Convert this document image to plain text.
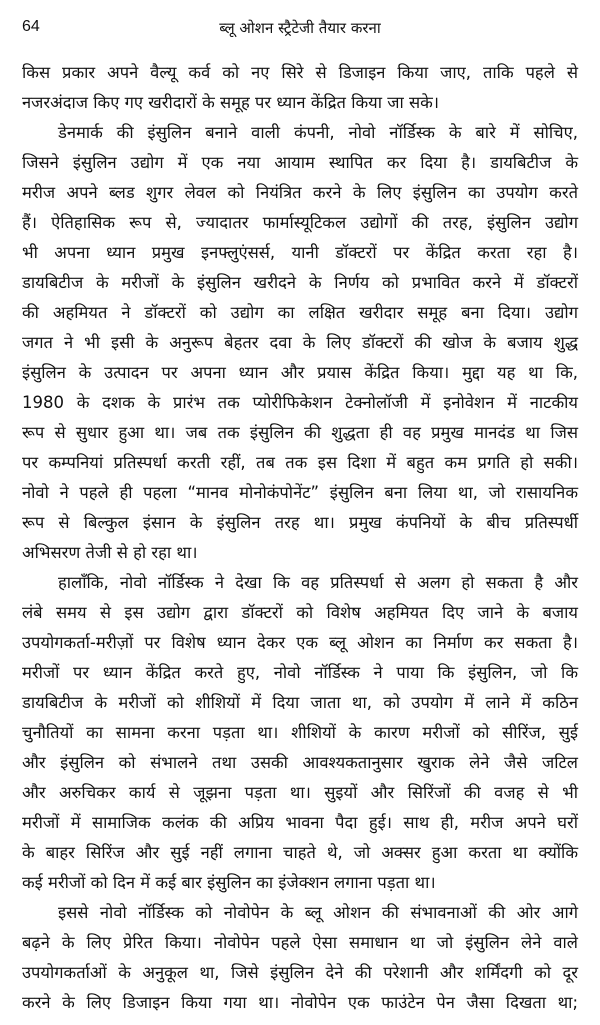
64	ब्लू ओशन स्ट्रैटेजी तैयार करना
किस प्रकार अपने वैल्यू कर्व को नए सिरे से डिजाइन किया जाए, ताकि पहले से
नजरअंदाज किए गए खरीदारों के समूह पर ध्यान केंद्रित किया जा सके।
डेनमार्क की इंसुलिन बनाने वाली कंपनी, नोवो नॉर्डिस्क के बारे में सोचिए,
जिसने इंसुलिन उद्योग में एक नया आयाम स्थापित कर दिया है। डायबिटीज के
मरीज अपने ब्लड शुगर लेवल को नियंत्रित करने के लिए इंसुलिन का उपयोग करते
हैं। ऐतिहासिक रूप से, ज्यादातर फार्मास्यूटिकल उद्योगों की तरह, इंसुलिन उद्योग
भी अपना ध्यान प्रमुख इनफ्लुएंसर्स, यानी डॉक्टरों पर केंद्रित करता रहा है।
डायबिटीज के मरीजों के इंसुलिन खरीदने के निर्णय को प्रभावित करने में डॉक्टरों
की अहमियत ने डॉक्टरों को उद्योग का लक्षित खरीदार समूह बना दिया। उद्योग
जगत ने भी इसी के अनुरूप बेहतर दवा के लिए डॉक्टरों की खोज के बजाय शुद्ध
इंसुलिन के उत्पादन पर अपना ध्यान और प्रयास केंद्रित किया। मुद्दा यह था कि,
1980 के दशक के प्रारंभ तक प्योरीफिकेशन टेक्नोलॉजी में इनोवेशन में नाटकीय
रूप से सुधार हुआ था। जब तक इंसुलिन की शुद्धता ही वह प्रमुख मानदंड था जिस
पर कम्पनियां प्रतिस्पर्धा करती रहीं, तब तक इस दिशा में बहुत कम प्रगति हो सकी।
नोवो ने पहले ही पहला “मानव मोनोकंपोनेंट” इंसुलिन बना लिया था, जो रासायनिक
रूप से बिल्कुल इंसान के इंसुलिन तरह था। प्रमुख कंपनियों के बीच प्रतिस्पर्धी
अभिसरण तेजी से हो रहा था।
हालाँकि, नोवो नॉर्डिस्क ने देखा कि वह प्रतिस्पर्धा से अलग हो सकता है और
लंबे समय से इस उद्योग द्वारा डॉक्टरों को विशेष अहमियत दिए जाने के बजाय
उपयोगकर्ता-मरीज़ों पर विशेष ध्यान देकर एक ब्लू ओशन का निर्माण कर सकता है।
मरीजों पर ध्यान केंद्रित करते हुए, नोवो नॉर्डिस्क ने पाया कि इंसुलिन, जो कि
डायबिटीज के मरीजों को शीशियों में दिया जाता था, को उपयोग में लाने में कठिन
चुनौतियों का सामना करना पड़ता था। शीशियों के कारण मरीजों को सीरिंज, सुई
और इंसुलिन को संभालने तथा उसकी आवश्यकतानुसार खुराक लेने जैसे जटिल
और अरुचिकर कार्य से जूझना पड़ता था। सुइयों और सिरिंजों की वजह से भी
मरीजों में सामाजिक कलंक की अप्रिय भावना पैदा हुई। साथ ही, मरीज अपने घरों
के बाहर सिरिंज और सुई नहीं लगाना चाहते थे, जो अक्सर हुआ करता था क्योंकि
कई मरीजों को दिन में कई बार इंसुलिन का इंजेक्शन लगाना पड़ता था।
इससे नोवो नॉर्डिस्क को नोवोपेन के ब्लू ओशन की संभावनाओं की ओर आगे
बढ़ने के लिए प्रेरित किया। नोवोपेन पहले ऐसा समाधान था जो इंसुलिन लेने वाले
उपयोगकर्ताओं के अनुकूल था, जिसे इंसुलिन देने की परेशानी और शर्मिंदगी को दूर
करने के लिए डिजाइन किया गया था। नोवोपेन एक फाउंटेन पेन जैसा दिखता था;
